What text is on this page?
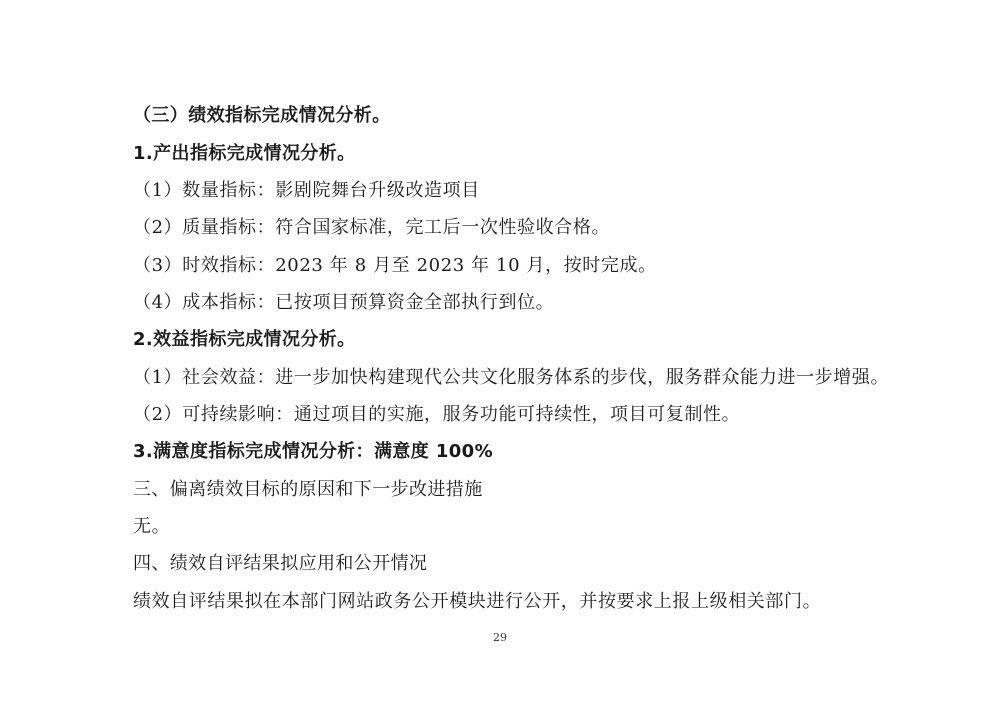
（三）绩效指标完成情况分析。
1.产出指标完成情况分析。
（1）数量指标：影剧院舞台升级改造项目
（2）质量指标：符合国家标准，完工后一次性验收合格。
（3）时效指标：2023 年 8 月至 2023 年 10 月，按时完成。
（4）成本指标：已按项目预算资金全部执行到位。
2.效益指标完成情况分析。
（1）社会效益：进一步加快构建现代公共文化服务体系的步伐，服务群众能力进一步增强。
（2）可持续影响：通过项目的实施，服务功能可持续性，项目可复制性。
3.满意度指标完成情况分析：满意度 100%
三、偏离绩效目标的原因和下一步改进措施
无。
四、绩效自评结果拟应用和公开情况
绩效自评结果拟在本部门网站政务公开模块进行公开，并按要求上报上级相关部门。
29
